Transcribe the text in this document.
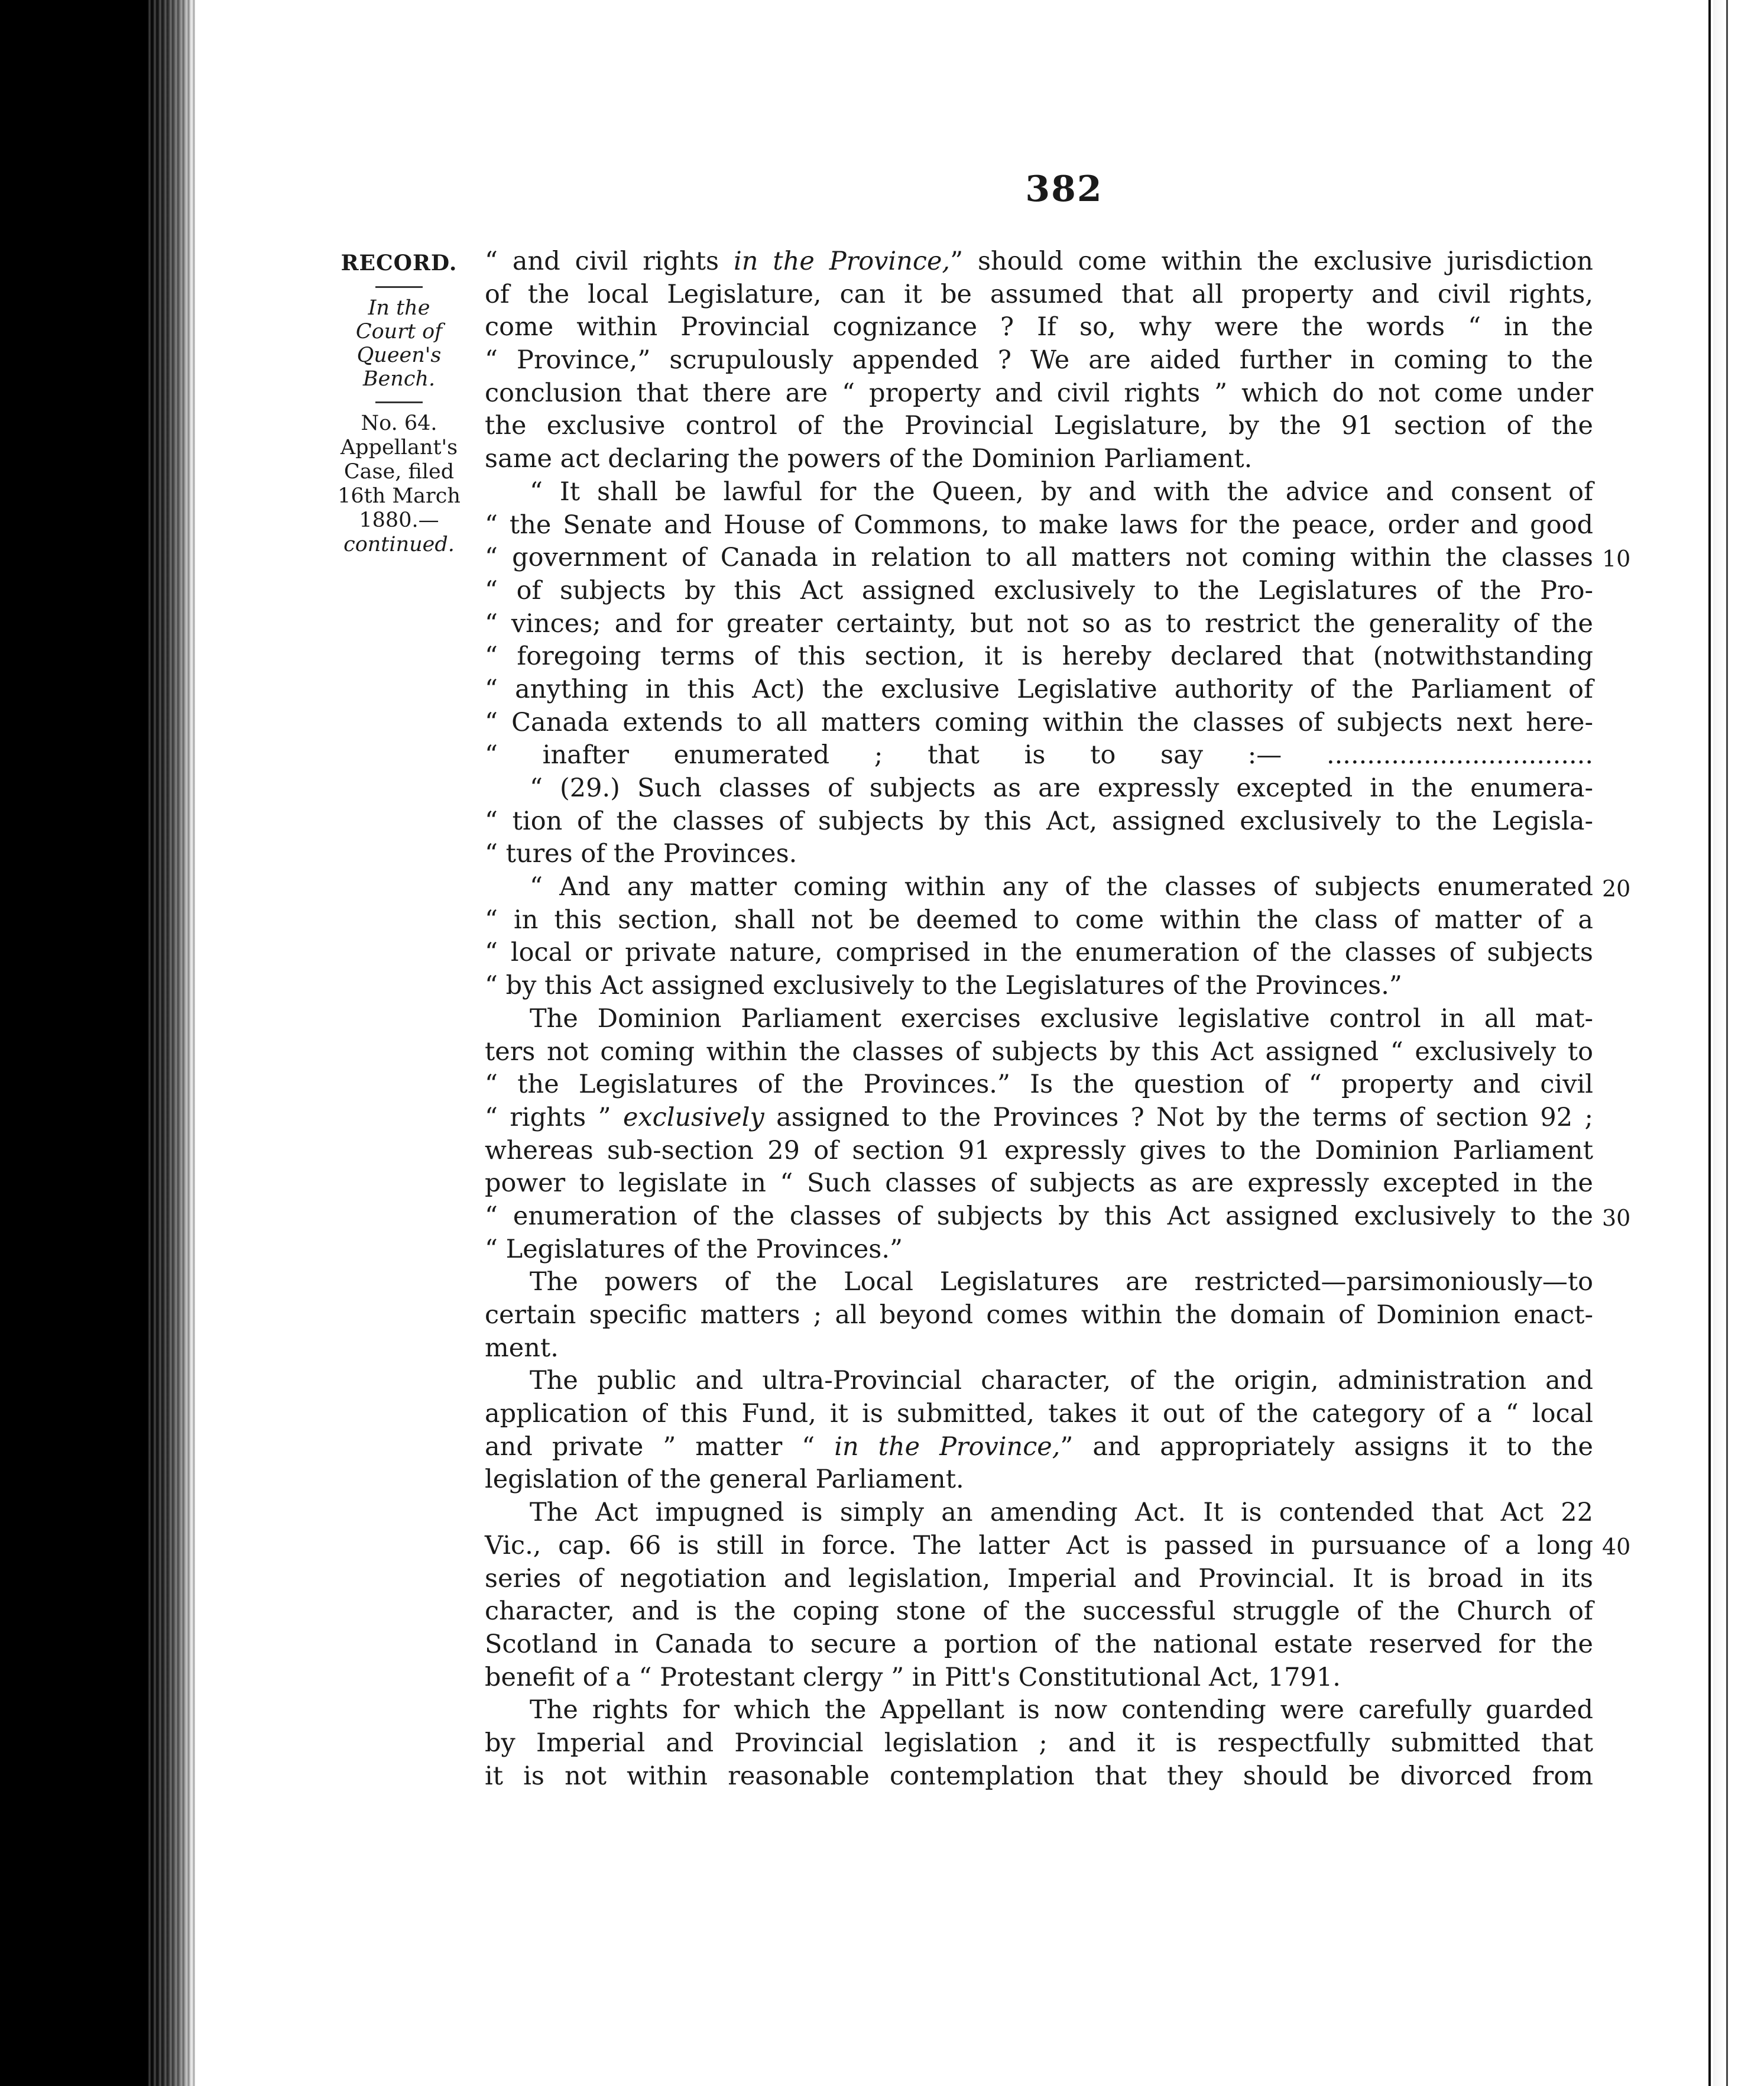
382
RECORD.
In the
Court of
Queen's
Bench.
No. 64.
Appellant's
Case, filed
16th March
1880.—
continued.
10
20
30
40
“ and civil rights in the Province,” should come within the exclusive jurisdiction
of the local Legislature, can it be assumed that all property and civil rights,
come within Provincial cognizance ? If so, why were the words “ in the
“ Province,” scrupulously appended ? We are aided further in coming to the
conclusion that there are “ property and civil rights ” which do not come under
the exclusive control of the Provincial Legislature, by the 91 section of the
same act declaring the powers of the Dominion Parliament.
“ It shall be lawful for the Queen, by and with the advice and consent of
“ the Senate and House of Commons, to make laws for the peace, order and good
“ government of Canada in relation to all matters not coming within the classes
“ of subjects by this Act assigned exclusively to the Legislatures of the Pro-
“ vinces; and for greater certainty, but not so as to restrict the generality of the
“ foregoing terms of this section, it is hereby declared that (notwithstanding
“ anything in this Act) the exclusive Legislative authority of the Parliament of
“ Canada extends to all matters coming within the classes of subjects next here-
“ inafter enumerated ; that is to say :— .................................
“ (29.) Such classes of subjects as are expressly excepted in the enumera-
“ tion of the classes of subjects by this Act, assigned exclusively to the Legisla-
“ tures of the Provinces.
“ And any matter coming within any of the classes of subjects enumerated
“ in this section, shall not be deemed to come within the class of matter of a
“ local or private nature, comprised in the enumeration of the classes of subjects
“ by this Act assigned exclusively to the Legislatures of the Provinces.”
The Dominion Parliament exercises exclusive legislative control in all mat-
ters not coming within the classes of subjects by this Act assigned “ exclusively to
“ the Legislatures of the Provinces.” Is the question of “ property and civil
“ rights ” exclusively assigned to the Provinces ? Not by the terms of section 92 ;
whereas sub-section 29 of section 91 expressly gives to the Dominion Parliament
power to legislate in “ Such classes of subjects as are expressly excepted in the
“ enumeration of the classes of subjects by this Act assigned exclusively to the
“ Legislatures of the Provinces.”
The powers of the Local Legislatures are restricted—parsimoniously—to
certain specific matters ; all beyond comes within the domain of Dominion enact-
ment.
The public and ultra-Provincial character, of the origin, administration and
application of this Fund, it is submitted, takes it out of the category of a “ local
and private ” matter “ in the Province,” and appropriately assigns it to the
legislation of the general Parliament.
The Act impugned is simply an amending Act. It is contended that Act 22
Vic., cap. 66 is still in force. The latter Act is passed in pursuance of a long
series of negotiation and legislation, Imperial and Provincial. It is broad in its
character, and is the coping stone of the successful struggle of the Church of
Scotland in Canada to secure a portion of the national estate reserved for the
benefit of a “ Protestant clergy ” in Pitt's Constitutional Act, 1791.
The rights for which the Appellant is now contending were carefully guarded
by Imperial and Provincial legislation ; and it is respectfully submitted that
it is not within reasonable contemplation that they should be divorced from
